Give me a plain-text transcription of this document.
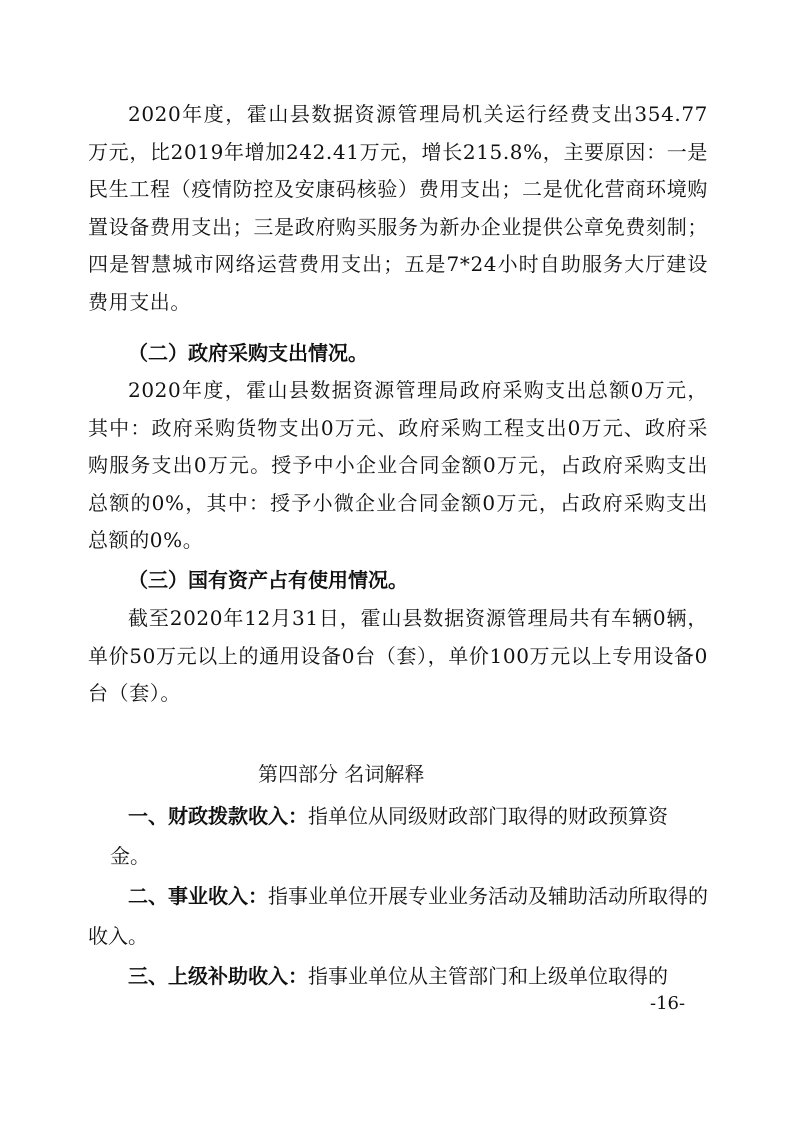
2020年度，霍山县数据资源管理局机关运行经费支出354.77万元，比2019年增加242.41万元，增长215.8%，主要原因：一是民生工程（疫情防控及安康码核验）费用支出；二是优化营商环境购置设备费用支出；三是政府购买服务为新办企业提供公章免费刻制；四是智慧城市网络运营费用支出；五是7*24小时自助服务大厅建设费用支出。

（二）政府采购支出情况。

2020年度，霍山县数据资源管理局政府采购支出总额0万元，其中：政府采购货物支出0万元、政府采购工程支出0万元、政府采购服务支出0万元。授予中小企业合同金额0万元，占政府采购支出总额的0%，其中：授予小微企业合同金额0万元，占政府采购支出总额的0%。

（三）国有资产占有使用情况。

截至2020年12月31日，霍山县数据资源管理局共有车辆0辆，单价50万元以上的通用设备0台（套），单价100万元以上专用设备0台（套）。

第四部分 名词解释

一、财政拨款收入：指单位从同级财政部门取得的财政预算资
金。

二、事业收入：指事业单位开展专业业务活动及辅助活动所取得的收入。

三、上级补助收入：指事业单位从主管部门和上级单位取得的

-16-
